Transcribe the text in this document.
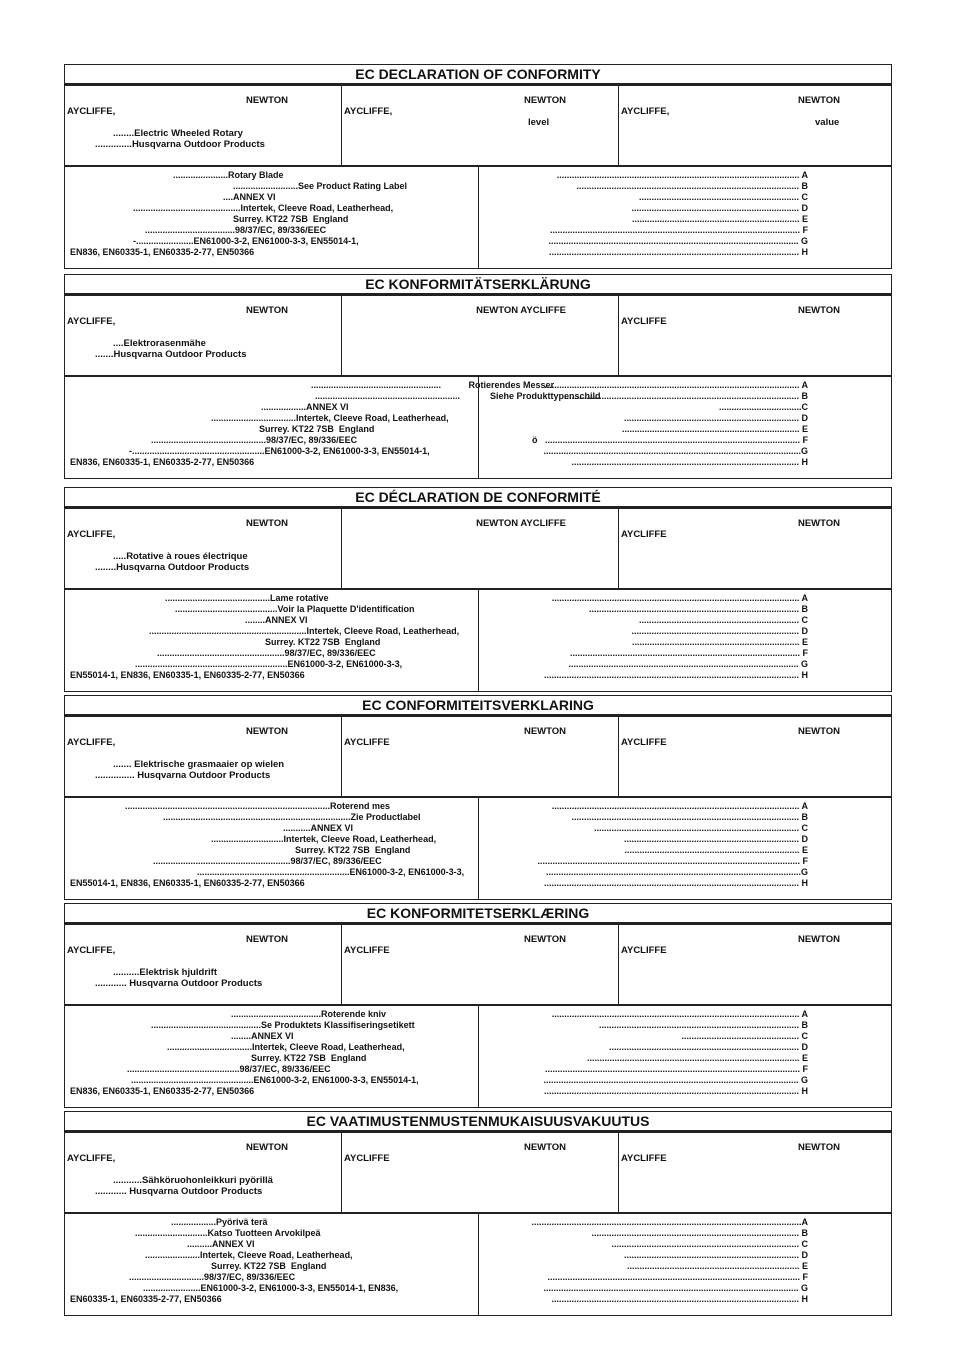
EC DECLARATION OF CONFORMITY
NEWTON
AYCLIFFE,
........Electric Wheeled Rotary
..............Husqvarna Outdoor Products
NEWTON
AYCLIFFE,
level
NEWTON
AYCLIFFE,
value
......................Rotary Blade
..........................See Product Rating Label
....ANNEX VI
...........................................Intertek, Cleeve Road, Leatherhead,
Surrey. KT22 7SB  England
....................................98/37/EC, 89/336/EEC
-.......................EN61000-3-2, EN61000-3-3, EN55014-1,
EN836, EN60335-1, EN60335-2-77, EN50366
................................................................................................. A
......................................................................................... B
................................................................ C
................................................................... D
................................................................... E
.................................................................................................... F
.................................................................................................... G
.................................................................................................... H
EC KONFORMITÄTSERKLÄRUNG
NEWTON
AYCLIFFE,
....Elektrorasenmähe
.......Husqvarna Outdoor Products
NEWTON AYCLIFFE	NEWTON
AYCLIFFE
....................................................           Rotierendes Messer
..........................................................            Siehe Produkttypenschild
..................ANNEX VI
..................................Intertek, Cleeve Road, Leatherhead,
Surrey. KT22 7SB  England
..............................................98/37/EC, 89/336/EEC
-.....................................................EN61000-3-2, EN61000-3-3, EN55014-1,
EN836, EN60335-1, EN60335-2-77, EN50366
...................................................................................................... A
.............................................................................................. B
.................................C
...................................................................... D
....................................................................... E
ö   ...................................................................................................... F
.......................................................................................................G
........................................................................................... H
EC DÉCLARATION DE CONFORMITÉ
NEWTON
AYCLIFFE,
.....Rotative à roues électrique
........Husqvarna Outdoor Products
NEWTON AYCLIFFE	NEWTON
AYCLIFFE
..........................................Lame rotative
.........................................Voir la Plaquette D'identification
........ANNEX VI
...............................................................Intertek, Cleeve Road, Leatherhead,
Surrey. KT22 7SB  England
...................................................98/37/EC, 89/336/EEC
.............................................................EN61000-3-2, EN61000-3-3,
EN55014-1, EN836, EN60335-1, EN60335-2-77, EN50366
................................................................................................... A
.................................................................................... B
................................................................ C
................................................................... D
................................................................... E
............................................................................................ F
............................................................................................ G
...................................................................................................... H
EC CONFORMITEITSVERKLARING
NEWTON
AYCLIFFE,
....... Elektrische grasmaaier op wielen
............... Husqvarna Outdoor Products
NEWTON
AYCLIFFE
NEWTON
AYCLIFFE
..................................................................................Roterend mes
...........................................................................Zie Productlabel
...........ANNEX VI
.............................Intertek, Cleeve Road, Leatherhead,
Surrey. KT22 7SB  England
.......................................................98/37/EC, 89/336/EEC
.............................................................EN61000-3-2, EN61000-3-3,
EN55014-1, EN836, EN60335-1, EN60335-2-77, EN50366
................................................................................................... A
........................................................................................... B
.................................................................................. C
...................................................................... D
...................................................................... E
......................................................................................................... F
......................................................................................................G
...................................................................................................... H
EC KONFORMITETSERKLÆRING
NEWTON
AYCLIFFE,
..........Elektrisk hjuldrift
............ Husqvarna Outdoor Products
NEWTON
AYCLIFFE
NEWTON
AYCLIFFE
....................................Roterende kniv
............................................Se Produktets Klassifiseringsetikett
........ANNEX VI
..................................Intertek, Cleeve Road, Leatherhead,
Surrey. KT22 7SB  England
.............................................98/37/EC, 89/336/EEC
.................................................EN61000-3-2, EN61000-3-3, EN55014-1,
EN836, EN60335-1, EN60335-2-77, EN50366
................................................................................................... A
................................................................................ B
............................................... C
............................................................................ D
..................................................................................... E
...................................................................................................... F
...................................................................................................... G
...................................................................................................... H
EC VAATIMUSTENMUSTENMUKAISUUSVAKUUTUS
NEWTON
AYCLIFFE,
...........Sähköruohonleikkuri pyörillä
............ Husqvarna Outdoor Products
NEWTON
AYCLIFFE
NEWTON
AYCLIFFE
..................Pyörivä terä
.............................Katso Tuotteen Arvokilpeä
..........ANNEX VI
......................Intertek, Cleeve Road, Leatherhead,
Surrey. KT22 7SB  England
..............................98/37/EC, 89/336/EEC
.......................EN61000-3-2, EN61000-3-3, EN55014-1, EN836,
EN60335-1, EN60335-2-77, EN50366
............................................................................................................A
................................................................................... B
........................................................................... C
...................................................................... D
..................................................................... E
..................................................................................................... F
...................................................................................................... G
................................................................................................... H
